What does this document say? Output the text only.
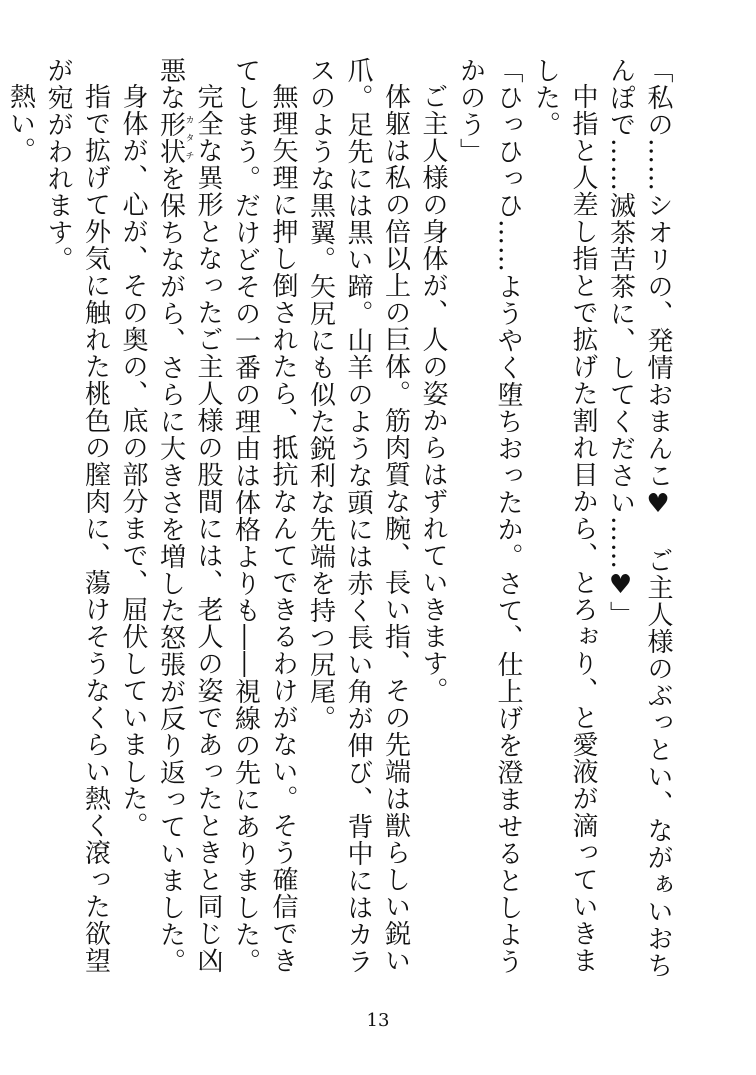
「私の……シオリの、発情おまんこ♥　ご主人様のぶっとい、ながぁいおちんぽで……滅茶苦茶に、してください……♥」

中指と人差し指とで拡げた割れ目から、とろぉり、と愛液が滴っていきました。

「ひっひっひ……ようやく堕ちおったか。さて、仕上げを澄ませるとしようかのう」

ご主人様の身体が、人の姿からはずれていきます。

体躯は私の倍以上の巨体。筋肉質な腕、長い指、その先端は獣らしい鋭い爪。足先には黒い蹄。山羊のような頭には赤く長い角が伸び、背中にはカラスのような黒翼。矢尻にも似た鋭利な先端を持つ尻尾。

無理矢理に押し倒されたら、抵抗なんてできるわけがない。そう確信できてしまう。だけどその一番の理由は体格よりも――視線の先にありました。

完全な異形となったご主人様の股間には、老人の姿であったときと同じ凶悪な形状カタチを保ちながら、さらに大きさを増した怒張が反り返っていました。

身体が、心が、その奥の、底の部分まで、屈伏していました。

指で拡げて外気に触れた桃色の膣肉に、蕩けそうなくらい熱く滾った欲望が宛がわれます。

熱い。

13
